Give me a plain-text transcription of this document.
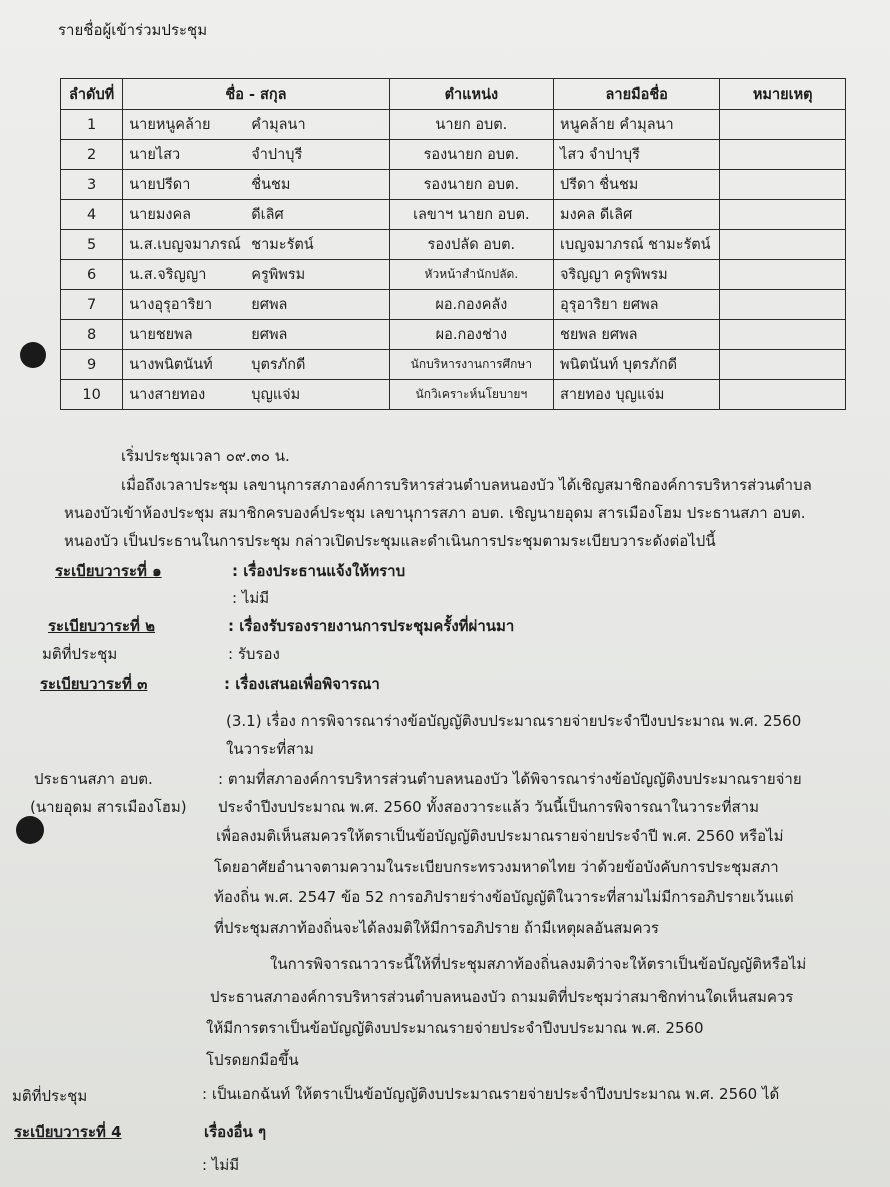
รายชื่อผู้เข้าร่วมประชุม
ลำดับที่	ชื่อ - สกุล	ตำแหน่ง	ลายมือชื่อ	หมายเหตุ
1	นายหนูคล้าย คำมุลนา	นายก อบต.	หนูคล้าย คำมุลนา	
2	นายไสว จำปาบุรี	รองนายก อบต.	ไสว จำปาบุรี	
3	นายปรีดา ชื่นชม	รองนายก อบต.	ปรีดา ชื่นชม	
4	นายมงคล ดีเลิศ	เลขาฯ นายก อบต.	มงคล ดีเลิศ	
5	น.ส.เบญจมาภรณ์ ชามะรัตน์	รองปลัด อบต.	เบญจมาภรณ์ ชามะรัตน์	
6	น.ส.จริญญา ครูพิพรม	หัวหน้าสำนักปลัด.	จริญญา ครูพิพรม	
7	นางอุรุอาริยา ยศพล	ผอ.กองคลัง	อุรุอาริยา ยศพล	
8	นายชยพล ยศพล	ผอ.กองช่าง	ชยพล ยศพล	
9	นางพนิตนันท์ บุตรภักดี	นักบริหารงานการศึกษา	พนิตนันท์ บุตรภักดี	
10	นางสายทอง บุญแจ่ม	นักวิเคราะห์นโยบายฯ	สายทอง บุญแจ่ม	
เริ่มประชุมเวลา ๐๙.๓๐ น.
เมื่อถึงเวลาประชุม เลขานุการสภาองค์การบริหารส่วนตำบลหนองบัว ได้เชิญสมาชิกองค์การบริหารส่วนตำบล
หนองบัวเข้าห้องประชุม สมาชิกครบองค์ประชุม เลขานุการสภา อบต. เชิญนายอุดม สารเมืองโฮม ประธานสภา อบต.
หนองบัว เป็นประธานในการประชุม กล่าวเปิดประชุมและดำเนินการประชุมตามระเบียบวาระดังต่อไปนี้
ระเบียบวาระที่ ๑	: เรื่องประธานแจ้งให้ทราบ
: ไม่มี
ระเบียบวาระที่ ๒	: เรื่องรับรองรายงานการประชุมครั้งที่ผ่านมา
มติที่ประชุม	: รับรอง
ระเบียบวาระที่ ๓	: เรื่องเสนอเพื่อพิจารณา
(3.1) เรื่อง การพิจารณาร่างข้อบัญญัติงบประมาณรายจ่ายประจำปีงบประมาณ พ.ศ. 2560
ในวาระที่สาม
ประธานสภา อบต.
(นายอุดม สารเมืองโฮม)
: ตามที่สภาองค์การบริหารส่วนตำบลหนองบัว ได้พิจารณาร่างข้อบัญญัติงบประมาณรายจ่าย
ประจำปีงบประมาณ พ.ศ. 2560 ทั้งสองวาระแล้ว วันนี้เป็นการพิจารณาในวาระที่สาม
เพื่อลงมติเห็นสมควรให้ตราเป็นข้อบัญญัติงบประมาณรายจ่ายประจำปี พ.ศ. 2560 หรือไม่
โดยอาศัยอำนาจตามความในระเบียบกระทรวงมหาดไทย ว่าด้วยข้อบังคับการประชุมสภา
ท้องถิ่น พ.ศ. 2547 ข้อ 52 การอภิปรายร่างข้อบัญญัติในวาระที่สามไม่มีการอภิปรายเว้นแต่
ที่ประชุมสภาท้องถิ่นจะได้ลงมติให้มีการอภิปราย ถ้ามีเหตุผลอันสมควร
ในการพิจารณาวาระนี้ให้ที่ประชุมสภาท้องถิ่นลงมติว่าจะให้ตราเป็นข้อบัญญัติหรือไม่
ประธานสภาองค์การบริหารส่วนตำบลหนองบัว ถามมติที่ประชุมว่าสมาชิกท่านใดเห็นสมควร
ให้มีการตราเป็นข้อบัญญัติงบประมาณรายจ่ายประจำปีงบประมาณ พ.ศ. 2560
โปรดยกมือขึ้น
มติที่ประชุม	: เป็นเอกฉันท์ ให้ตราเป็นข้อบัญญัติงบประมาณรายจ่ายประจำปีงบประมาณ พ.ศ. 2560 ได้
ระเบียบวาระที่ 4	เรื่องอื่น ๆ
: ไม่มี
